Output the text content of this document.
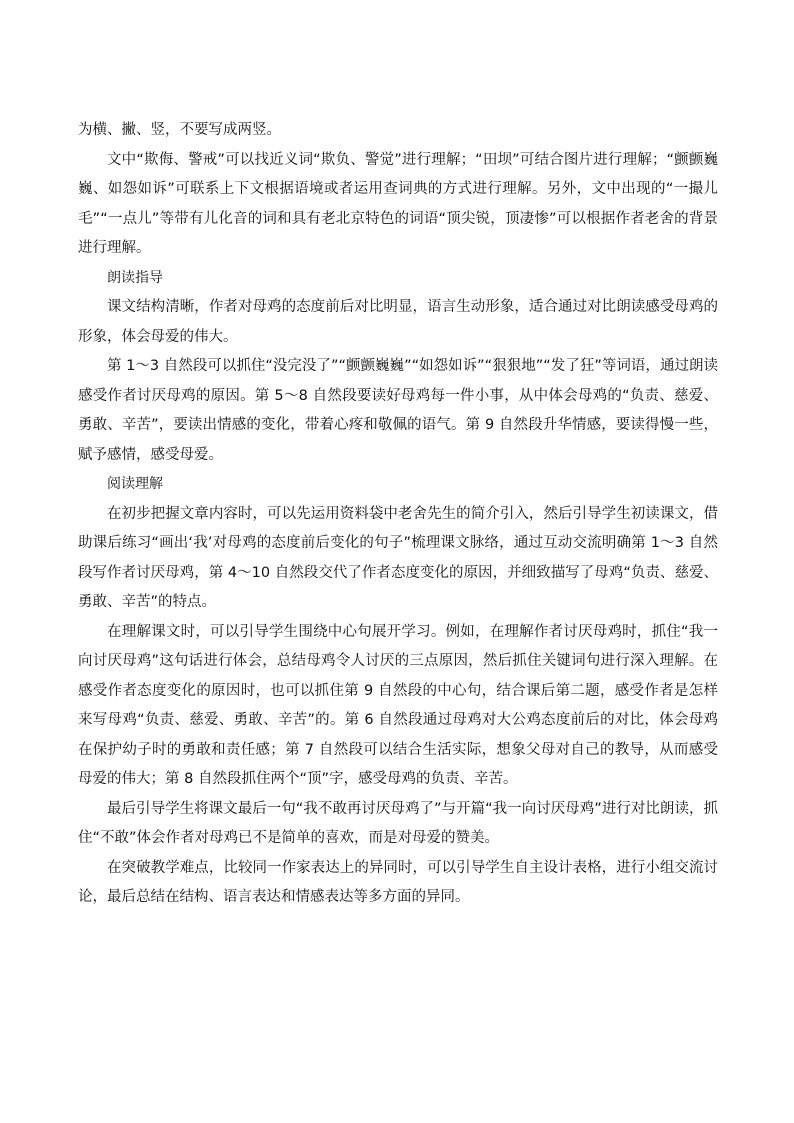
为横、撇、竖，不要写成两竖。

文中“欺侮、警戒”可以找近义词“欺负、警觉”进行理解；“田坝”可结合图片进行理解；“颤颤巍巍、如怨如诉”可联系上下文根据语境或者运用查词典的方式进行理解。另外，文中出现的“一撮儿毛”“一点儿”等带有儿化音的词和具有老北京特色的词语“顶尖锐，顶凄惨”可以根据作者老舍的背景进行理解。

朗读指导

课文结构清晰，作者对母鸡的态度前后对比明显，语言生动形象，适合通过对比朗读感受母鸡的形象，体会母爱的伟大。

第 1～3 自然段可以抓住“没完没了”“颤颤巍巍”“如怨如诉”“狠狠地”“发了狂”等词语，通过朗读感受作者讨厌母鸡的原因。第 5～8 自然段要读好母鸡每一件小事，从中体会母鸡的“负责、慈爱、勇敢、辛苦”，要读出情感的变化，带着心疼和敬佩的语气。第 9 自然段升华情感，要读得慢一些，赋予感情，感受母爱。

阅读理解

在初步把握文章内容时，可以先运用资料袋中老舍先生的简介引入，然后引导学生初读课文，借助课后练习“画出‘我’对母鸡的态度前后变化的句子”梳理课文脉络，通过互动交流明确第 1～3 自然段写作者讨厌母鸡，第 4～10 自然段交代了作者态度变化的原因，并细致描写了母鸡“负责、慈爱、勇敢、辛苦”的特点。

在理解课文时，可以引导学生围绕中心句展开学习。例如，在理解作者讨厌母鸡时，抓住“我一向讨厌母鸡”这句话进行体会，总结母鸡令人讨厌的三点原因，然后抓住关键词句进行深入理解。在感受作者态度变化的原因时，也可以抓住第 9 自然段的中心句，结合课后第二题，感受作者是怎样来写母鸡“负责、慈爱、勇敢、辛苦”的。第 6 自然段通过母鸡对大公鸡态度前后的对比，体会母鸡在保护幼子时的勇敢和责任感；第 7 自然段可以结合生活实际，想象父母对自己的教导，从而感受母爱的伟大；第 8 自然段抓住两个“顶”字，感受母鸡的负责、辛苦。

最后引导学生将课文最后一句“我不敢再讨厌母鸡了”与开篇“我一向讨厌母鸡”进行对比朗读，抓住“不敢”体会作者对母鸡已不是简单的喜欢，而是对母爱的赞美。

在突破教学难点，比较同一作家表达上的异同时，可以引导学生自主设计表格，进行小组交流讨论，最后总结在结构、语言表达和情感表达等多方面的异同。
